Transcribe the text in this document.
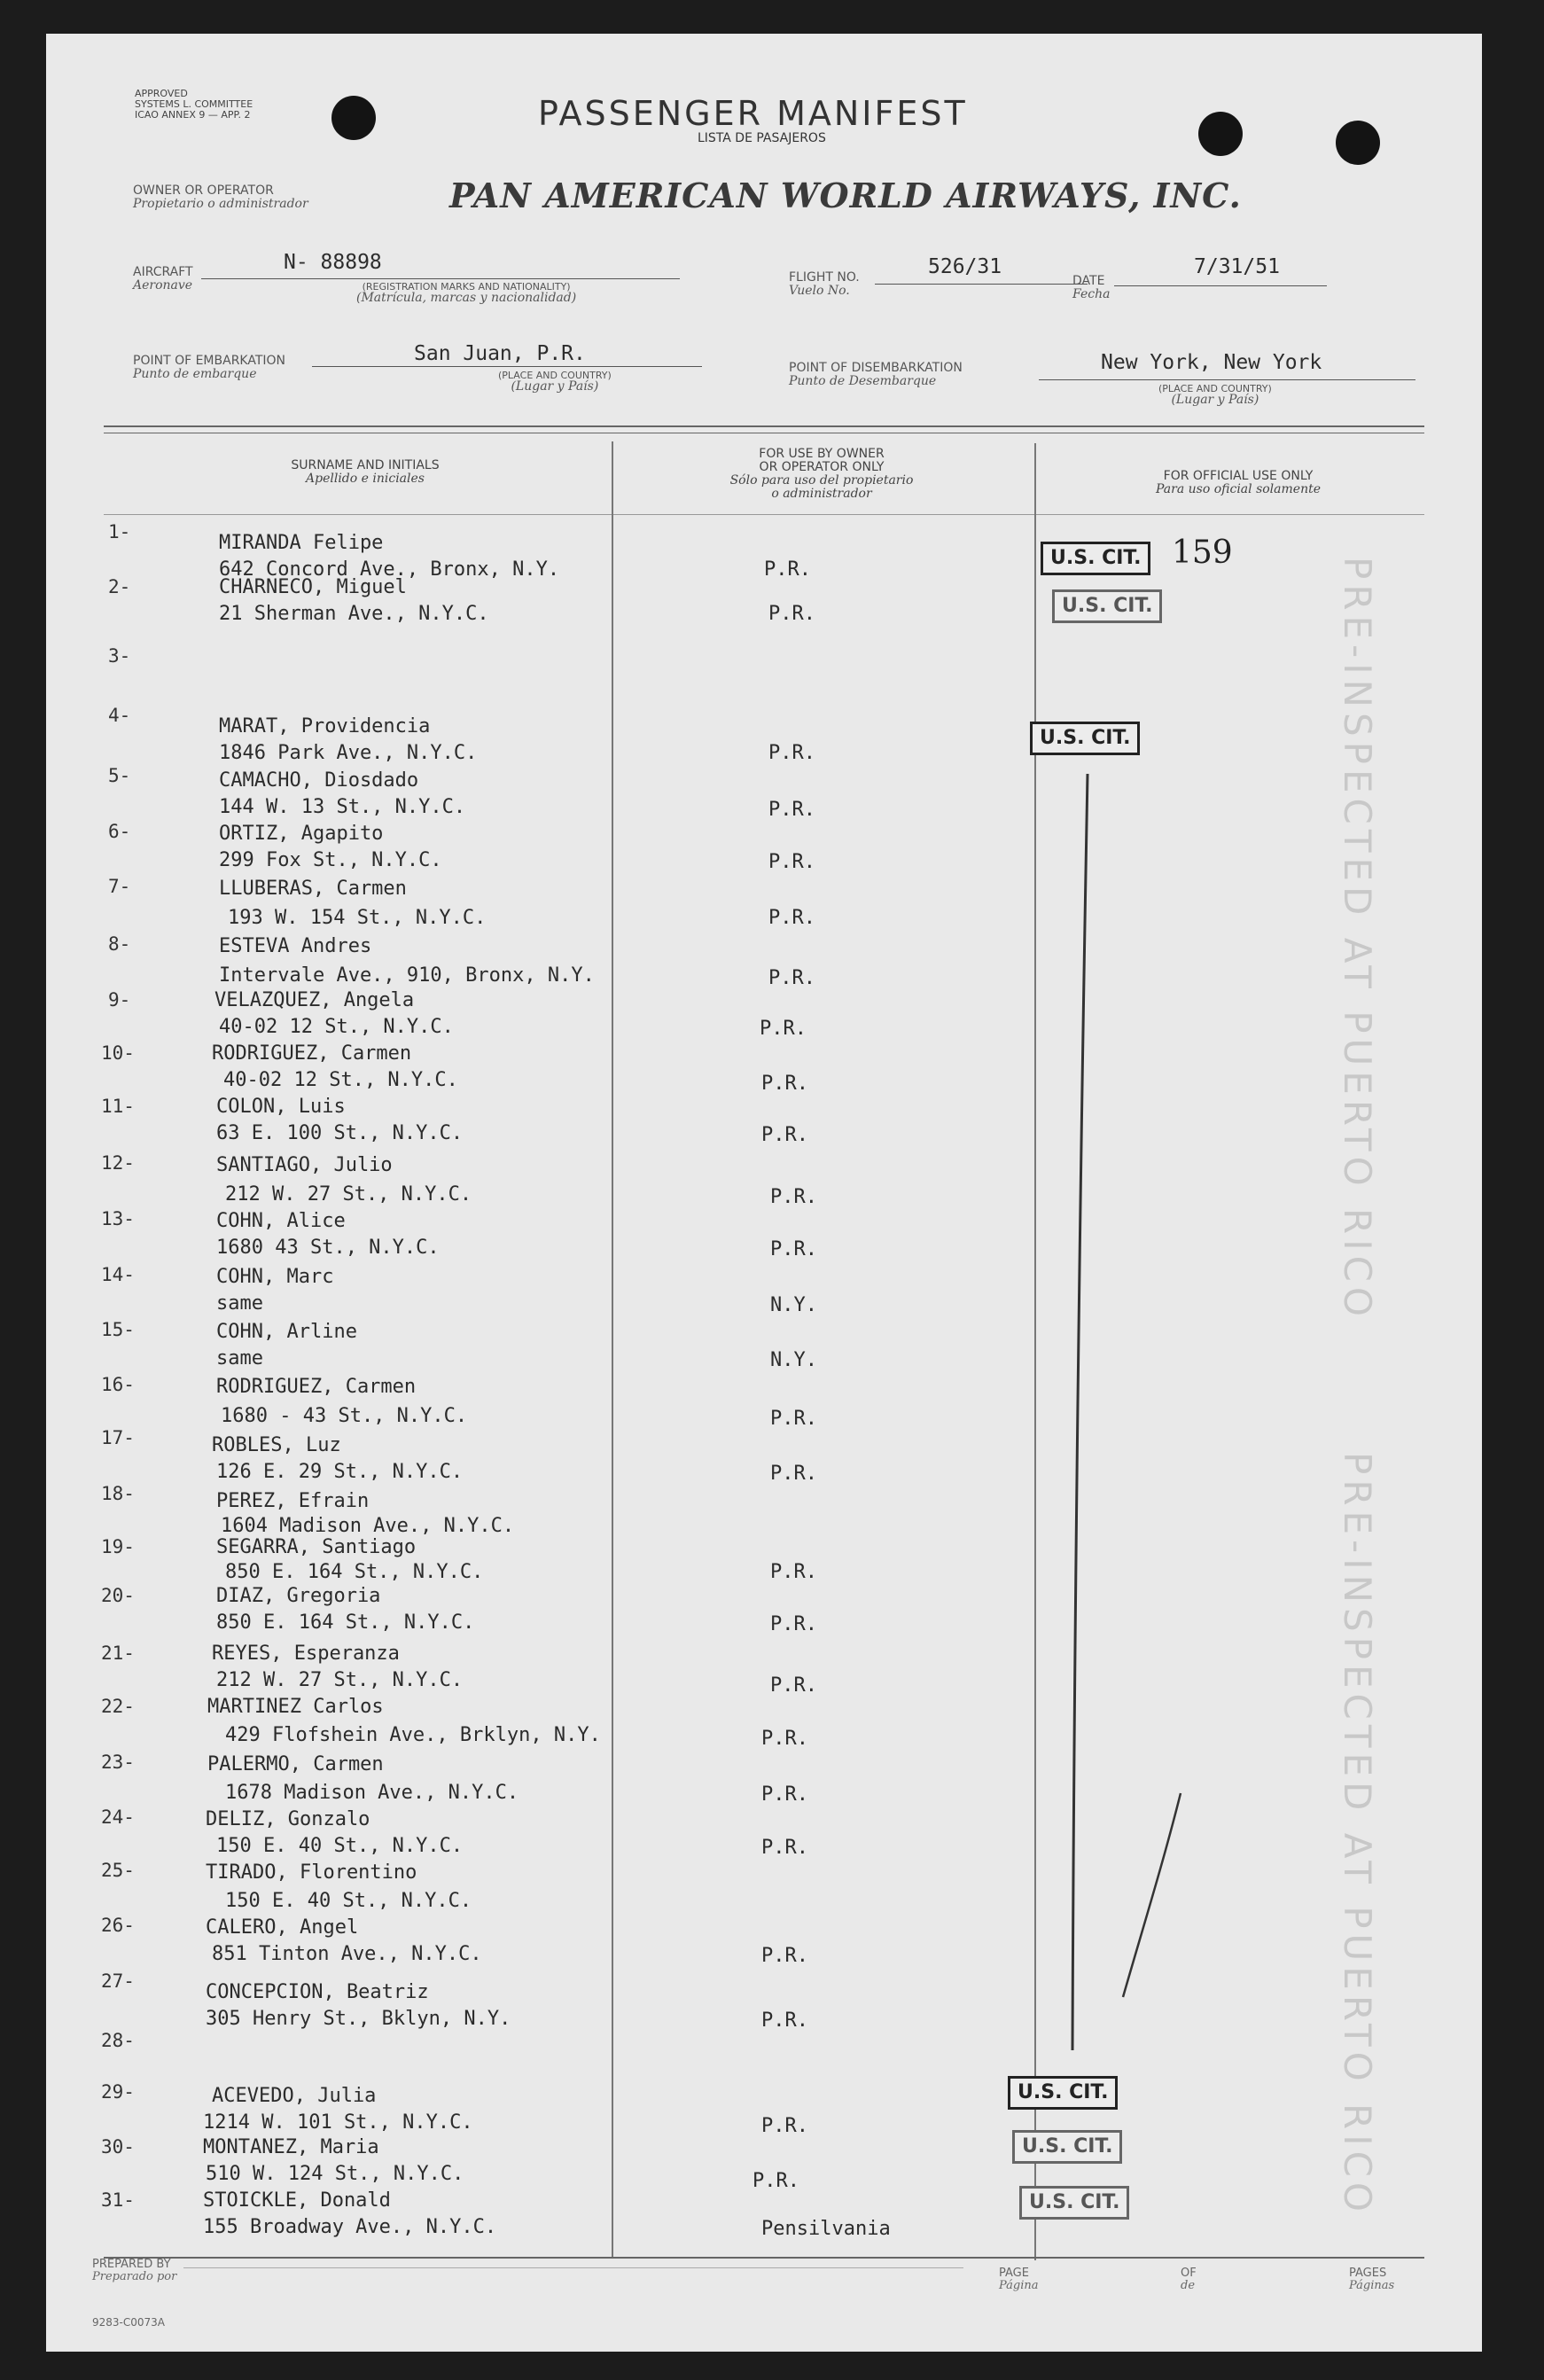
APPROVED
SYSTEMS L. COMMITTEE
ICAO ANNEX 9 — APP. 2	PASSENGER MANIFEST
LISTA DE PASAJEROS
OWNER OR OPERATOR
Propietario o administrador	PAN AMERICAN WORLD AIRWAYS, INC.
AIRCRAFT
Aeronave
N- 88898
(REGISTRATION MARKS AND NATIONALITY)
(Matrícula, marcas y nacionalidad)
FLIGHT NO.
Vuelo No.
526/31
DATE
Fecha
7/31/51
POINT OF EMBARKATION
Punto de embarque
San Juan, P.R.
(PLACE AND COUNTRY)
(Lugar y País)
POINT OF DISEMBARKATION
Punto de Desembarque
New York, New York
(PLACE AND COUNTRY)
(Lugar y País)
SURNAME AND INITIALS
Apellido e iniciales
FOR USE BY OWNER
OR OPERATOR ONLY
Sólo para uso del propietario
o administrador
FOR OFFICIAL USE ONLY
Para uso oficial solamente
1-	MIRANDA Felipe
642 Concord Ave., Bronx, N.Y.	P.R.
2-	CHARNECO, Miguel
21 Sherman Ave., N.Y.C.	P.R.
3-
4-	MARAT, Providencia
1846 Park Ave., N.Y.C.	P.R.
5-	CAMACHO, Diosdado
144 W. 13 St., N.Y.C.	P.R.
6-	ORTIZ, Agapito
299 Fox St., N.Y.C.	P.R.
7-	LLUBERAS, Carmen
193 W. 154 St., N.Y.C.	P.R.
8-	ESTEVA Andres
Intervale Ave., 910, Bronx, N.Y.	P.R.
9-	VELAZQUEZ, Angela
40-02 12 St., N.Y.C.	P.R.
10-	RODRIGUEZ, Carmen
40-02 12 St., N.Y.C.	P.R.
11-	COLON, Luis
63 E. 100 St., N.Y.C.	P.R.
12-	SANTIAGO, Julio
212 W. 27 St., N.Y.C.	P.R.
13-	COHN, Alice
1680 43 St., N.Y.C.	P.R.
14-	COHN, Marc
same	N.Y.
15-	COHN, Arline
same	N.Y.
16-	RODRIGUEZ, Carmen
1680 - 43 St., N.Y.C.	P.R.
17-	ROBLES, Luz
126 E. 29 St., N.Y.C.	P.R.
18-	PEREZ, Efrain
1604 Madison Ave., N.Y.C.
19-	SEGARRA, Santiago
850 E. 164 St., N.Y.C.	P.R.
20-	DIAZ, Gregoria
850 E. 164 St., N.Y.C.	P.R.
21-	REYES, Esperanza
212 W. 27 St., N.Y.C.	P.R.
22-	MARTINEZ Carlos
429 Flofshein Ave., Brklyn, N.Y.	P.R.
23-	PALERMO, Carmen
1678 Madison Ave., N.Y.C.	P.R.
24-	DELIZ, Gonzalo
150 E. 40 St., N.Y.C.	P.R.
25-	TIRADO, Florentino
150 E. 40 St., N.Y.C.
26-	CALERO, Angel
851 Tinton Ave., N.Y.C.	P.R.
27-	CONCEPCION, Beatriz
305 Henry St., Bklyn, N.Y.	P.R.
28-
29-	ACEVEDO, Julia
1214 W. 101 St., N.Y.C.	P.R.
30-	MONTANEZ, Maria
510 W. 124 St., N.Y.C.	P.R.
31-	STOICKLE, Donald
155 Broadway Ave., N.Y.C.	Pensilvania
U.S. CIT. 159
U.S. CIT.
U.S. CIT.
U.S. CIT.
U.S. CIT.
U.S. CIT.
PRE-INSPECTED AT PUERTO RICO
PRE-INSPECTED AT PUERTO RICO
PREPARED BY
Preparado por	PAGE
Página
OF
de
PAGES
Páginas
9283-C0073A
